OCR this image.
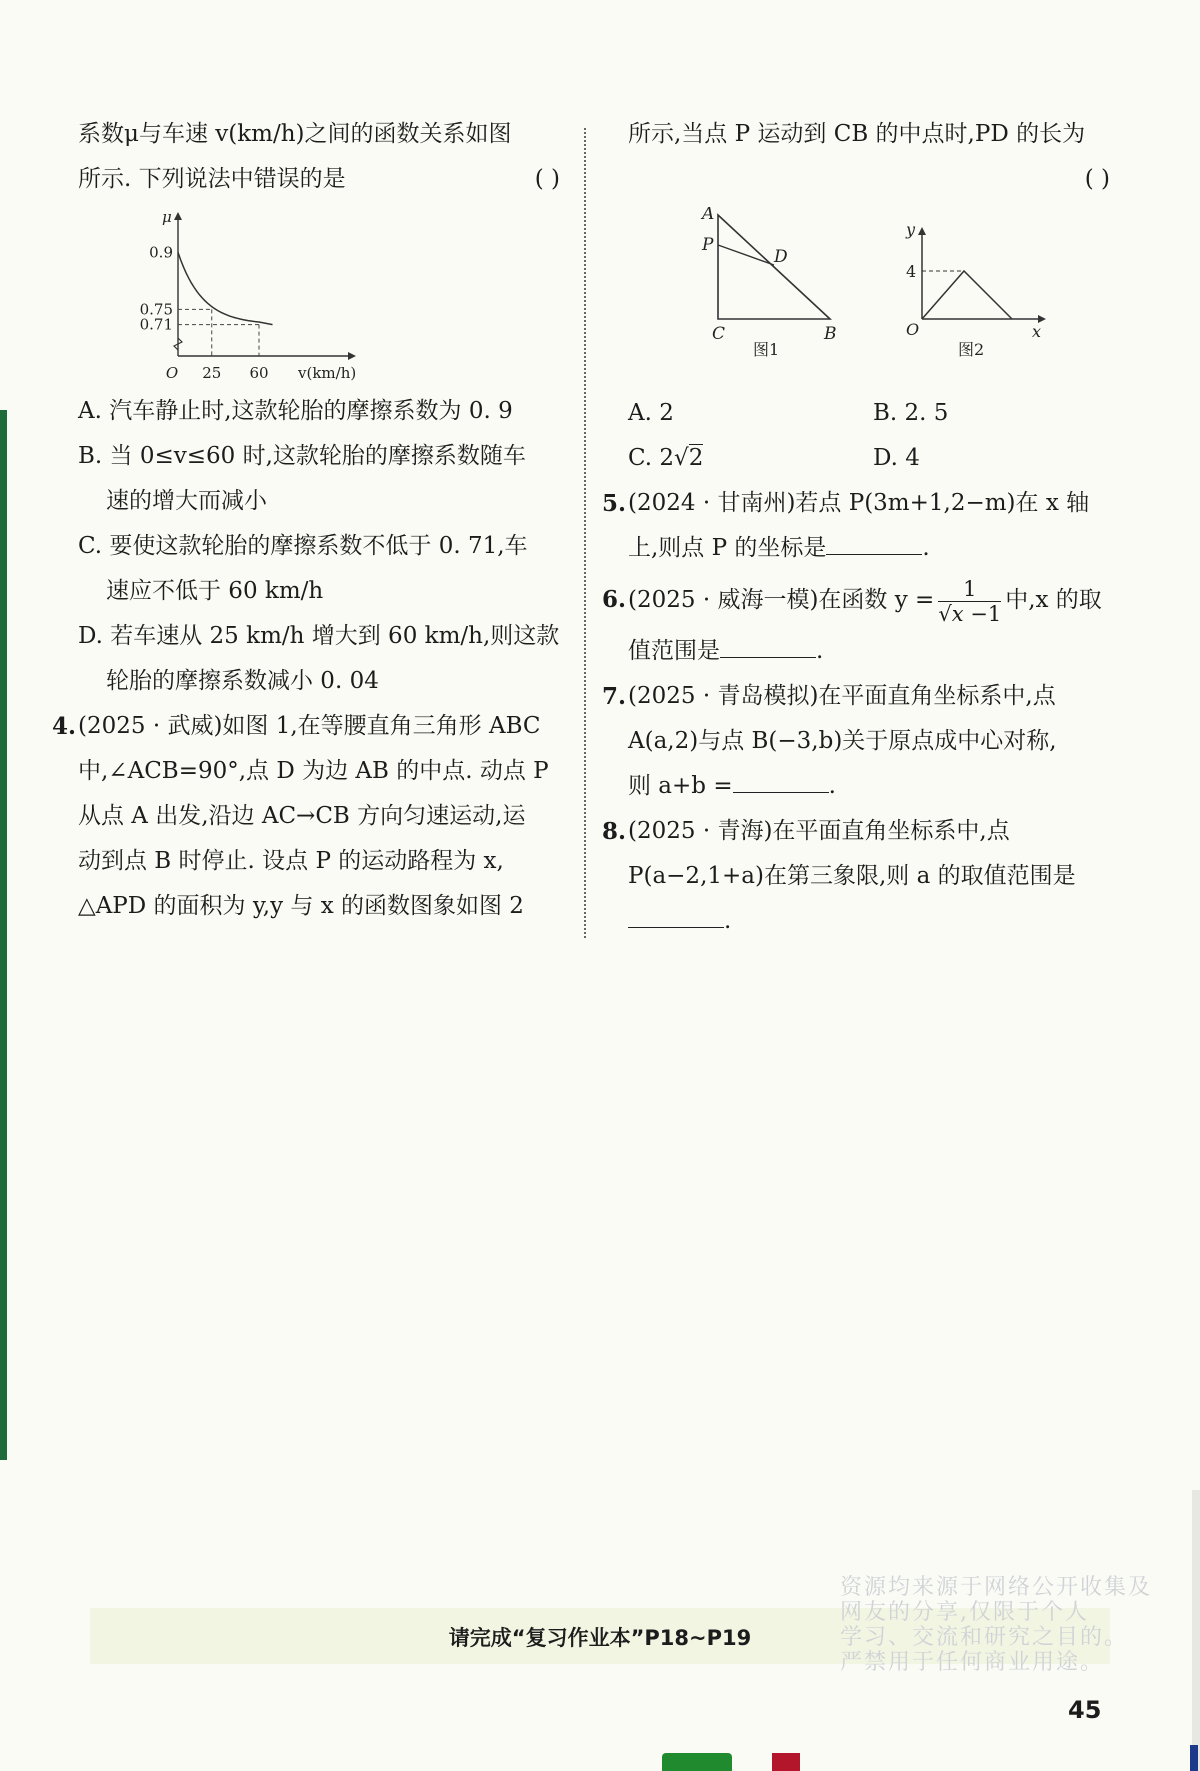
系数μ与车速 v(km/h)之间的函数关系如图
所示. 下列说法中错误的是	( )
0.9
0.75
0.71
25 60
O	v(km/h)
μ
A. 汽车静止时,这款轮胎的摩擦系数为 0. 9
B. 当 0≤v≤60 时,这款轮胎的摩擦系数随车
速的增大而减小
C. 要使这款轮胎的摩擦系数不低于 0. 71,车
速应不低于 60 km/h
D. 若车速从 25 km/h 增大到 60 km/h,则这款
轮胎的摩擦系数减小 0. 04
4. (2025 · 武威)如图 1,在等腰直角三角形 ABC
中,∠ACB=90°,点 D 为边 AB 的中点. 动点 P
从点 A 出发,沿边 AC→CB 方向匀速运动,运
动到点 B 时停止. 设点 P 的运动路程为 x,
△APD 的面积为 y,y 与 x 的函数图象如图 2
所示,当点 P 运动到 CB 的中点时,PD 的长为
( )
A
P
D
C	B
图1
y
4
O	x
图2
A. 2	B. 2. 5
C. 2√2	D. 4
5. (2024 · 甘南州)若点 P(3m+1,2−m)在 x 轴
上,则点 P 的坐标是	.
6. (2025 · 威海一模)在函数 $y = \frac{1}{√x -1}$ 中,x 的取
值范围是	.
7. (2025 · 青岛模拟)在平面直角坐标系中,点
A(a,2)与点 B(−3,b)关于原点成中心对称,
则 a+b =	.
8. (2025 · 青海)在平面直角坐标系中,点
P(a−2,1+a)在第三象限,则 a 的取值范围是
.
请完成“复习作业本”P18~P19
资源均来源于网络公开收集及
网友的分享,仅限于个人
学习、交流和研究之目的。
严禁用于任何商业用途。
45
